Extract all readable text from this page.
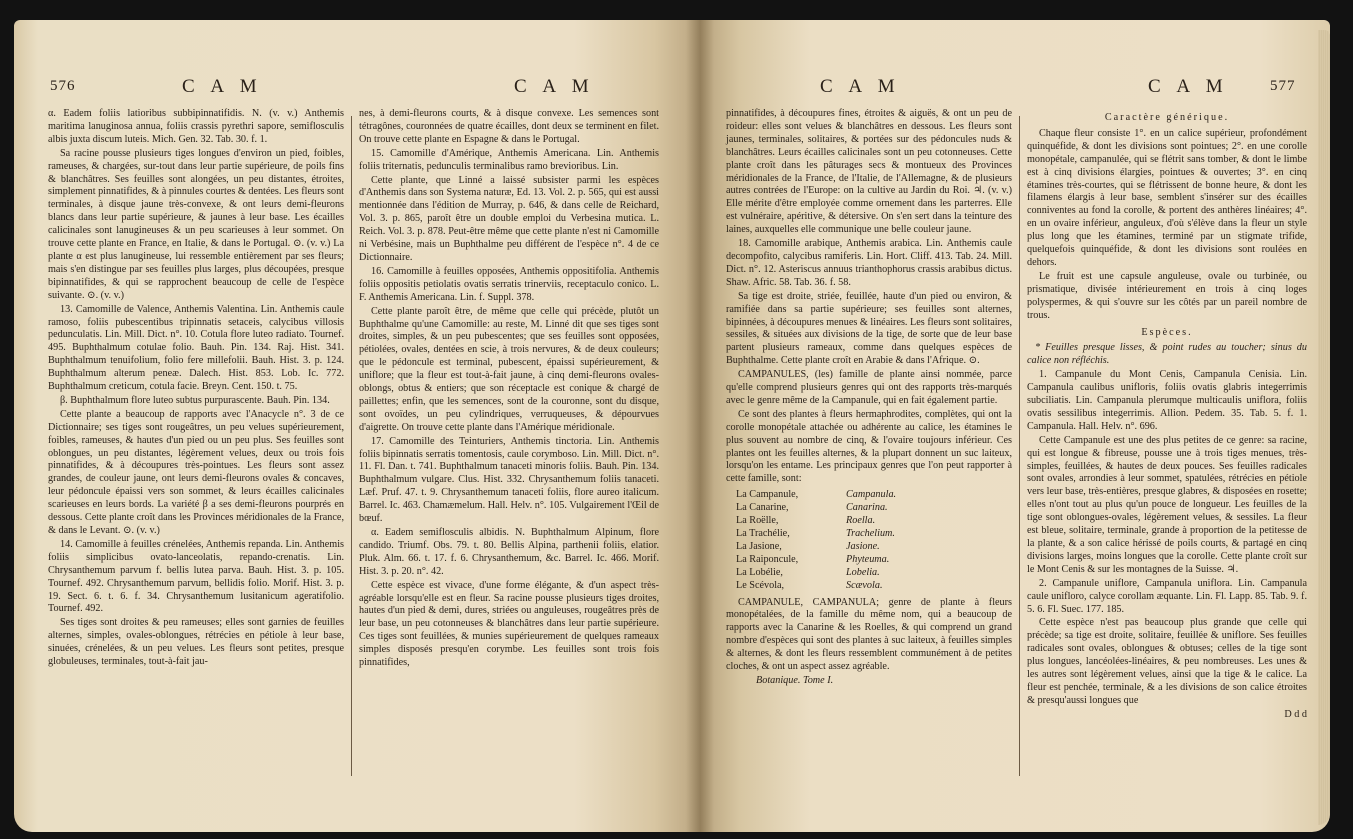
576	C A M	C A M

α. Eadem foliis latioribus subbipinnatifidis. N. (v. v.) Anthemis maritima lanuginosa annua, foliis crassis pyrethri sapore, semiflosculis albis juxta discum luteis. Mich. Gen. 32. Tab. 30. f. 1.

Sa racine pousse plusieurs tiges longues d'environ un pied, foibles, rameuses, & chargées, sur-tout dans leur partie supérieure, de poils fins & blanchâtres. Ses feuilles sont alongées, un peu distantes, étroites, simplement pinnatifides, & à pinnules courtes & dentées. Les fleurs sont terminales, à disque jaune très-convexe, & ont leurs demi-fleurons blancs dans leur partie supérieure, & jaunes à leur base. Les écailles calicinales sont lanugineuses & un peu scarieuses à leur sommet. On trouve cette plante en France, en Italie, & dans le Portugal. ⊙. (v. v.) La plante α est plus lanugineuse, lui ressemble entièrement par ses fleurs; mais s'en distingue par ses feuilles plus larges, plus découpées, presque bipinnatifides, & qui se rapprochent beaucoup de celle de l'espèce suivante. ⊙. (v. v.)

13. Camomille de Valence, Anthemis Valentina. Lin. Anthemis caule ramoso, foliis pubescentibus tripinnatis setaceis, calycibus villosis pedunculatis. Lin. Mill. Dict. n°. 10. Cotula flore luteo radiato. Tournef. 495. Buphthalmum cotulae folio. Bauh. Pin. 134. Raj. Hist. 341. Buphthalmum tenuifolium, folio fere millefolii. Bauh. Hist. 3. p. 124. Buphthalmum alterum peneæ. Dalech. Hist. 853. Lob. Ic. 772. Buphthalmum creticum, cotula facie. Breyn. Cent. 150. t. 75.

β. Buphthalmum flore luteo subtus purpurascente. Bauh. Pin. 134.

Cette plante a beaucoup de rapports avec l'Anacycle n°. 3 de ce Dictionnaire; ses tiges sont rougeâtres, un peu velues supérieurement, foibles, rameuses, & hautes d'un pied ou un peu plus. Ses feuilles sont oblongues, un peu distantes, légèrement velues, deux ou trois fois pinnatifides, & à découpures très-pointues. Les fleurs sont assez grandes, de couleur jaune, ont leurs demi-fleurons ovales & concaves, leur pédoncule épaissi vers son sommet, & leurs écailles calicinales scarieuses en leurs bords. La variété β a ses demi-fleurons pourprés en dessous. Cette plante croît dans les Provinces méridionales de la France, & dans le Levant. ⊙. (v. v.)

14. Camomille à feuilles crénelées, Anthemis repanda. Lin. Anthemis foliis simplicibus ovato-lanceolatis, repando-crenatis. Lin. Chrysanthemum parvum f. bellis lutea parva. Bauh. Hist. 3. p. 105. Tournef. 492. Chrysanthemum parvum, bellidis folio. Morif. Hist. 3. p. 19. Sect. 6. t. 6. f. 34. Chrysanthemum lusitanicum ageratifolio. Tournef. 492.

Ses tiges sont droites & peu rameuses; elles sont garnies de feuilles alternes, simples, ovales-oblongues, rétrécies en pétiole à leur base, sinuées, crénelées, & un peu velues. Les fleurs sont petites, presque globuleuses, terminales, tout-à-fait jau-

nes, à demi-fleurons courts, & à disque convexe. Les semences sont tétragônes, couronnées de quatre écailles, dont deux se terminent en filet. On trouve cette plante en Espagne & dans le Portugal.

15. Camomille d'Amérique, Anthemis Americana. Lin. Anthemis foliis triternatis, pedunculis terminalibus ramo brevioribus. Lin.

Cette plante, que Linné a laissé subsister parmi les espèces d'Anthemis dans son Systema naturæ, Ed. 13. Vol. 2. p. 565, qui est aussi mentionnée dans l'édition de Murray, p. 646, & dans celle de Reichard, Vol. 3. p. 865, paroît être un double emploi du Verbesina mutica. L. Reich. Vol. 3. p. 878. Peut-être même que cette plante n'est ni Camomille ni Verbésine, mais un Buphthalme peu différent de l'espèce n°. 4 de ce Dictionnaire.

16. Camomille à feuilles opposées, Anthemis oppositifolia. Anthemis foliis oppositis petiolatis ovatis serratis trinerviis, receptaculo conico. L. F. Anthemis Americana. Lin. f. Suppl. 378.

Cette plante paroît être, de même que celle qui précède, plutôt un Buphthalme qu'une Camomille: au reste, M. Linné dit que ses tiges sont droites, simples, & un peu pubescentes; que ses feuilles sont opposées, pétiolées, ovales, dentées en scie, à trois nervures, & de deux couleurs; que le pédoncule est terminal, pubescent, épaissi supérieurement, & uniflore; que la fleur est tout-à-fait jaune, à cinq demi-fleurons ovales-oblongs, obtus & entiers; que son réceptacle est conique & chargé de paillettes; enfin, que les semences, sont de la couronne, sont du disque, sont ovoïdes, un peu cylindriques, verruqueuses, & dépourvues d'aigrette. On trouve cette plante dans l'Amérique méridionale.

17. Camomille des Teinturiers, Anthemis tinctoria. Lin. Anthemis foliis bipinnatis serratis tomentosis, caule corymboso. Lin. Mill. Dict. n°. 11. Fl. Dan. t. 741. Buphthalmum tanaceti minoris foliis. Bauh. Pin. 134. Buphthalmum vulgare. Clus. Hist. 332. Chrysanthemum foliis tanaceti. Læf. Pruf. 47. t. 9. Chrysanthemum tanaceti foliis, flore aureo italicum. Barrel. Ic. 463. Chamæmelum. Hall. Helv. n°. 105. Vulgairement l'Œil de bœuf.

α. Eadem semiflosculis albidis. N. Buphthalmum Alpinum, flore candido. Triumf. Obs. 79. t. 80. Bellis Alpina, parthenii foliis, elatior. Pluk. Alm. 66. t. 17. f. 6. Chrysanthemum, &c. Barrel. Ic. 466. Morif. Hist. 3. p. 20. n°. 42.

Cette espèce est vivace, d'une forme élégante, & d'un aspect très-agréable lorsqu'elle est en fleur. Sa racine pousse plusieurs tiges droites, hautes d'un pied & demi, dures, striées ou anguleuses, rougeâtres près de leur base, un peu cotonneuses & blanchâtres dans leur partie supérieure. Ces tiges sont feuillées, & munies supérieurement de quelques rameaux simples disposés presqu'en corymbe. Les feuilles sont trois fois pinnatifides,

C A M	C A M	577

pinnatifides, à découpures fines, étroites & aiguës, & ont un peu de roideur: elles sont velues & blanchâtres en dessous. Les fleurs sont jaunes, terminales, solitaires, & portées sur des pédoncules nuds & blanchâtres. Leurs écailles calicinales sont un peu cotonneuses. Cette plante croît dans les pâturages secs & montueux des Provinces méridionales de la France, de l'Italie, de l'Allemagne, & de plusieurs autres contrées de l'Europe: on la cultive au Jardin du Roi. ♃. (v. v.) Elle mérite d'être employée comme ornement dans les parterres. Elle est vulnéraire, apéritive, & détersive. On s'en sert dans la teinture des laines, auxquelles elle communique une belle couleur jaune.

18. Camomille arabique, Anthemis arabica. Lin. Anthemis caule decompofito, calycibus ramiferis. Lin. Hort. Cliff. 413. Tab. 24. Mill. Dict. n°. 12. Asteriscus annuus trianthophorus crassis arabibus dictus. Shaw. Afric. 58. Tab. 36. f. 58.

Sa tige est droite, striée, feuillée, haute d'un pied ou environ, & ramifiée dans sa partie supérieure; ses feuilles sont alternes, bipinnées, à découpures menues & linéaires. Les fleurs sont solitaires, sessiles, & situées aux divisions de la tige, de sorte que de leur base partent plusieurs rameaux, comme dans quelques espèces de Buphthalme. Cette plante croît en Arabie & dans l'Afrique. ⊙.

CAMPANULES, (les) famille de plante ainsi nommée, parce qu'elle comprend plusieurs genres qui ont des rapports très-marqués avec le genre même de la Campanule, qui en fait également partie.

Ce sont des plantes à fleurs hermaphrodites, complètes, qui ont la corolle monopétale attachée ou adhérente au calice, les étamines le plus souvent au nombre de cinq, & l'ovaire toujours inférieur. Ces plantes ont les feuilles alternes, & la plupart donnent un suc laiteux, lorsqu'on les entame. Les principaux genres que l'on peut rapporter à cette famille, sont:

La Campanule,	Campanula.
La Canarine,	Canarina.
La Roëlle,	Roella.
La Trachélie,	Trachelium.
La Jasione,	Jasione.
La Raiponcule,	Phyteuma.
La Lobélie,	Lobelia.
Le Scévola,	Scævola.

CAMPANULE, CAMPANULA; genre de plante à fleurs monopétalées, de la famille du même nom, qui a beaucoup de rapports avec la Canarine & les Roelles, & qui comprend un grand nombre d'espèces qui sont des plantes à suc laiteux, à feuilles simples & alternes, & dont les fleurs ressemblent communément à de petites cloches, & ont un aspect assez agréable.

Botanique. Tome I.

Caractère générique.

Chaque fleur consiste 1°. en un calice supérieur, profondément quinquéfide, & dont les divisions sont pointues; 2°. en une corolle monopétale, campanulée, qui se flétrit sans tomber, & dont le limbe est à cinq divisions élargies, pointues & ouvertes; 3°. en cinq étamines très-courtes, qui se flétrissent de bonne heure, & dont les filamens élargis à leur base, semblent s'insérer sur des écailles conniventes au fond la corolle, & portent des anthères linéaires; 4°. en un ovaire inférieur, anguleux, d'où s'élève dans la fleur un style plus long que les étamines, terminé par un stigmate trifide, quelquefois quinquéfide, & dont les divisions sont roulées en dehors.

Le fruit est une capsule anguleuse, ovale ou turbinée, ou prismatique, divisée intérieurement en trois à cinq loges polyspermes, & qui s'ouvre sur les côtés par un pareil nombre de trous.

Espèces.

* Feuilles presque lisses, & point rudes au toucher; sinus du calice non réfléchis.

1. Campanule du Mont Cenis, Campanula Cenisia. Lin. Campanula caulibus unifloris, foliis ovatis glabris integerrimis subciliatis. Lin. Campanula plerumque multicaulis uniflora, foliis ovatis sessilibus integerrimis. Allion. Pedem. 35. Tab. 5. f. 1. Campanula. Hall. Helv. n°. 696.

Cette Campanule est une des plus petites de ce genre: sa racine, qui est longue & fibreuse, pousse une à trois tiges menues, très-simples, feuillées, & hautes de deux pouces. Ses feuilles radicales sont ovales, arrondies à leur sommet, spatulées, rétrécies en pétiole vers leur base, très-entières, presque glabres, & disposées en rosette; elles n'ont tout au plus qu'un pouce de longueur. Les feuilles de la tige sont oblongues-ovales, légèrement velues, & sessiles. La fleur est bleue, solitaire, terminale, grande à proportion de la petitesse de la plante, & a son calice hérissé de poils courts, & partagé en cinq divisions larges, moins longues que la corolle. Cette plante croît sur le Mont Cenis & sur les montagnes de la Suisse. ♃.

2. Campanule uniflore, Campanula uniflora. Lin. Campanula caule unifloro, calyce corollam æquante. Lin. Fl. Lapp. 85. Tab. 9. f. 5. 6. Fl. Suec. 177. 185.

Cette espèce n'est pas beaucoup plus grande que celle qui précède; sa tige est droite, solitaire, feuillée & uniflore. Ses feuilles radicales sont ovales, oblongues & obtuses; celles de la tige sont plus longues, lancéolées-linéaires, & peu nombreuses. Les unes & les autres sont légèrement velues, ainsi que la tige & le calice. La fleur est penchée, terminale, & a les divisions de son calice étroites & presqu'aussi longues que

D d d
